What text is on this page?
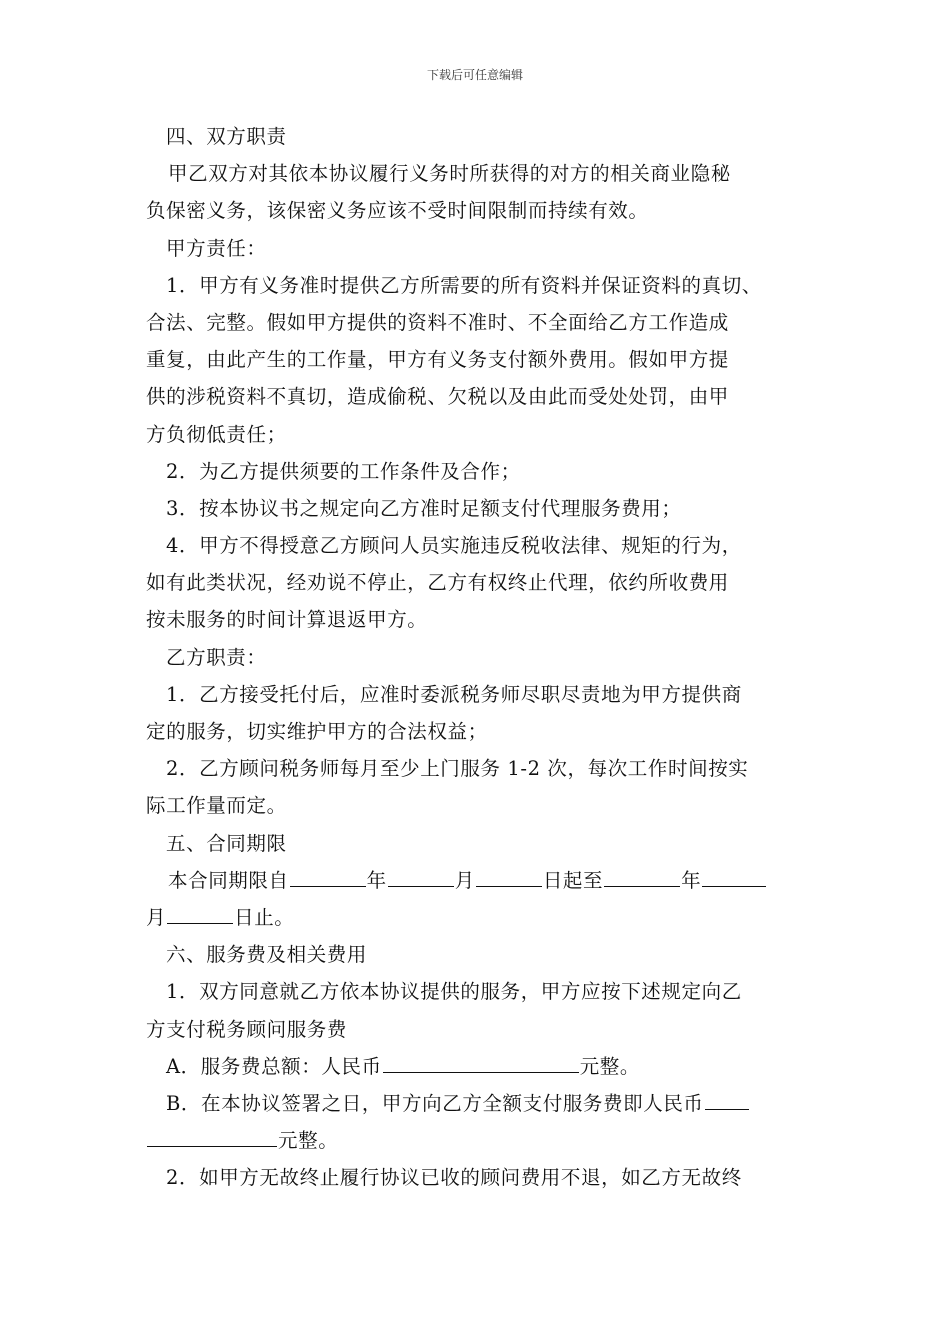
下载后可任意编辑
四、双方职责
甲乙双方对其依本协议履行义务时所获得的对方的相关商业隐秘
负保密义务，该保密义务应该不受时间限制而持续有效。
甲方责任：
1．甲方有义务准时提供乙方所需要的所有资料并保证资料的真切、
合法、完整。假如甲方提供的资料不准时、不全面给乙方工作造成
重复，由此产生的工作量，甲方有义务支付额外费用。假如甲方提
供的涉税资料不真切，造成偷税、欠税以及由此而受处处罚，由甲
方负彻低责任；
2．为乙方提供须要的工作条件及合作；
3．按本协议书之规定向乙方准时足额支付代理服务费用；
4．甲方不得授意乙方顾问人员实施违反税收法律、规矩的行为，
如有此类状况，经劝说不停止，乙方有权终止代理，依约所收费用
按未服务的时间计算退返甲方。
乙方职责：
1．乙方接受托付后，应准时委派税务师尽职尽责地为甲方提供商
定的服务，切实维护甲方的合法权益；
2．乙方顾问税务师每月至少上门服务 1-2 次，每次工作时间按实
际工作量而定。
五、合同期限
本合同期限自	年	月	日起至	年
月	日止。
六、服务费及相关费用
1．双方同意就乙方依本协议提供的服务，甲方应按下述规定向乙
方支付税务顾问服务费
A．服务费总额：人民币	元整。
B．在本协议签署之日，甲方向乙方全额支付服务费即人民币
元整。
2．如甲方无故终止履行协议已收的顾问费用不退，如乙方无故终
